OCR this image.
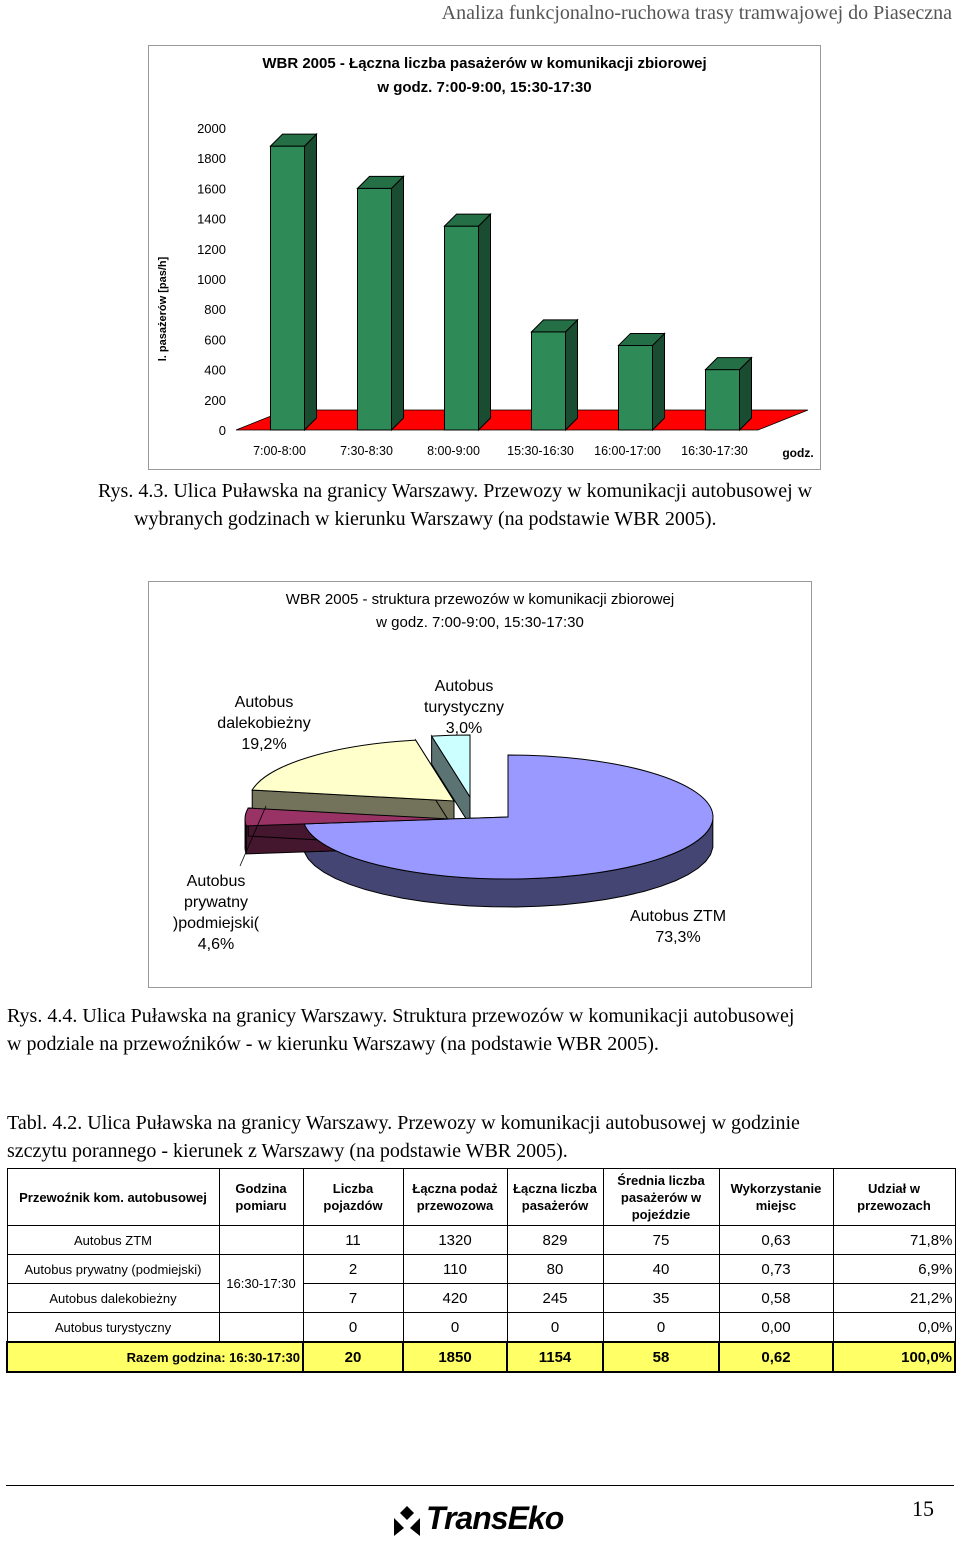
Analiza funkcjonalno-ruchowa trasy tramwajowej do Piaseczna
WBR 2005 - Łączna liczba pasażerów w komunikacji zbiorowej
w godz. 7:00-9:00, 15:30-17:30
0
200
400
600
800
1000
1200
1400
1600
1800
2000
l. pasażerów [pas/h]
7:00-8:00	7:30-8:30	8:00-9:00 15:30-16:30 16:00-17:00 16:30-17:30	godz.
Rys. 4.3. Ulica Puławska na granicy Warszawy. Przewozy w komunikacji autobusowej w
wybranych godzinach w kierunku Warszawy (na podstawie WBR 2005).
WBR 2005 - struktura przewozów w komunikacji zbiorowej
w godz. 7:00-9:00, 15:30-17:30
Autobus ZTM 73,3%
Autobus prywatny )podmiejski( 4,6%
Autobus dalekobieżny 19,2%
Autobus turystyczny 3,0%
Rys. 4.4. Ulica Puławska na granicy Warszawy. Struktura przewozów w komunikacji autobusowej
w podziale na przewoźników - w kierunku Warszawy (na podstawie WBR 2005).
Tabl. 4.2. Ulica Puławska na granicy Warszawy. Przewozy w komunikacji autobusowej w godzinie
szczytu porannego - kierunek z Warszawy (na podstawie WBR 2005).
Przewoźnik kom. autobusowej	Godzina pomiaru	Liczba pojazdów	Łączna podaż przewozowa	Łączna liczba pasażerów	Średnia liczba pasażerów w pojeździe	Wykorzystanie miejsc	Udział w przewozach
Autobus ZTM		11	1320	829	75	0,63	71,8%
Autobus prywatny (podmiejski)	16:30-17:30	2	110	80	40	0,73	6,9%
Autobus dalekobieżny		7	420	245	35	0,58	21,2%
Autobus turystyczny		0	0	0	0	0,00	0,0%
Razem godzina: 16:30-17:30		20	1850	1154	58	0,62	100,0%
TransEko	15
